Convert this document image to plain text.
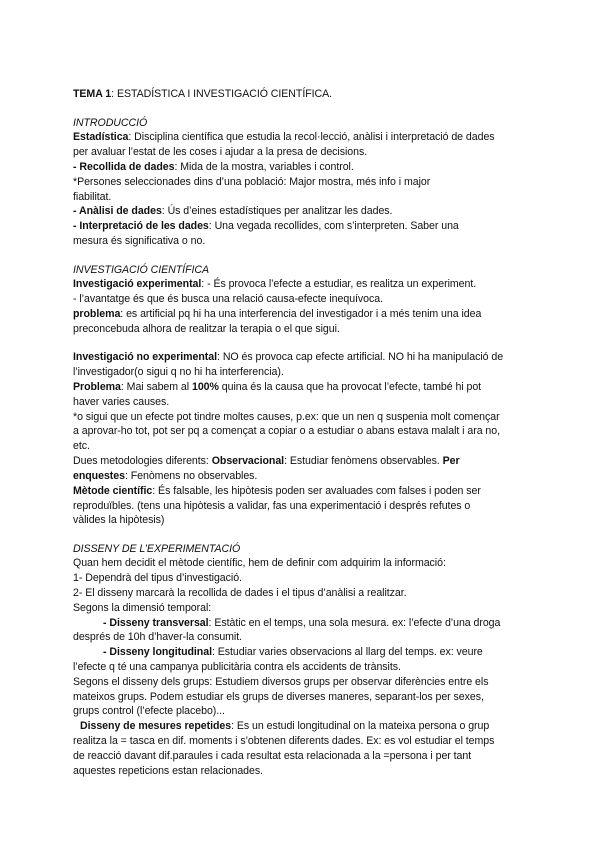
TEMA 1: ESTADÍSTICA I INVESTIGACIÓ CIENTÍFICA.
INTRODUCCIÓ
Estadística: Disciplina científica que estudia la recol·lecció, anàlisi i interpretació de dades
per avaluar l’estat de les coses i ajudar a la presa de decisions.
- Recollida de dades: Mida de la mostra, variables i control.
*Persones seleccionades dins d’una població: Major mostra, més info i major
fiabilitat.
- Anàlisi de dades: Ús d’eines estadístiques per analitzar les dades.
- Interpretació de les dades: Una vegada recollides, com s’interpreten. Saber una
mesura és significativa o no.
INVESTIGACIÓ CIENTÍFICA
Investigació experimental: - És provoca l’efecte a estudiar, es realitza un experiment.
- l’avantatge és que és busca una relació causa-efecte inequívoca.
problema: es artificial pq hi ha una interferencia del investigador i a més tenim una idea
preconcebuda alhora de realitzar la terapia o el que sigui.
Investigació no experimental: NO és provoca cap efecte artificial. NO hi ha manipulació de
l’investigador(o sigui q no hi ha interferencia).
Problema: Mai sabem al 100% quina és la causa que ha provocat l’efecte, també hi pot
haver varies causes.
*o sigui que un efecte pot tindre moltes causes, p.ex: que un nen q suspenia molt començar
a aprovar-ho tot, pot ser pq a començat a copiar o a estudiar o abans estava malalt i ara no,
etc.
Dues metodologies diferents: Observacional: Estudiar fenòmens observables. Per
enquestes: Fenòmens no observables.
Mètode científic: És falsable, les hipòtesis poden ser avaluades com falses i poden ser
reproduïbles. (tens una hipòtesis a validar, fas una experimentació i després refutes o
vàlides la hipòtesis)
DISSENY DE L’EXPERIMENTACIÓ
Quan hem decidit el mètode científic, hem de definir com adquirim la informació:
1- Dependrà del tipus d’investigació.
2- El disseny marcarà la recollida de dades i el tipus d’anàlisi a realitzar.
Segons la dimensió temporal:
- Disseny transversal: Estàtic en el temps, una sola mesura. ex: l’efecte d’una droga
després de 10h d’haver-la consumit.
- Disseny longitudinal: Estudiar varies observacions al llarg del temps. ex: veure
l’efecte q té una campanya publicitària contra els accidents de trànsits.
Segons el disseny dels grups: Estudiem diversos grups per observar diferències entre els
mateixos grups. Podem estudiar els grups de diverses maneres, separant-los per sexes,
grups control (l’efecte placebo)...
Disseny de mesures repetides: Es un estudi longitudinal on la mateixa persona o grup
realitza la = tasca en dif. moments i s’obtenen diferents dades. Ex: es vol estudiar el temps
de reacció davant dif.paraules i cada resultat esta relacionada a la =persona i per tant
aquestes repeticions estan relacionades.
